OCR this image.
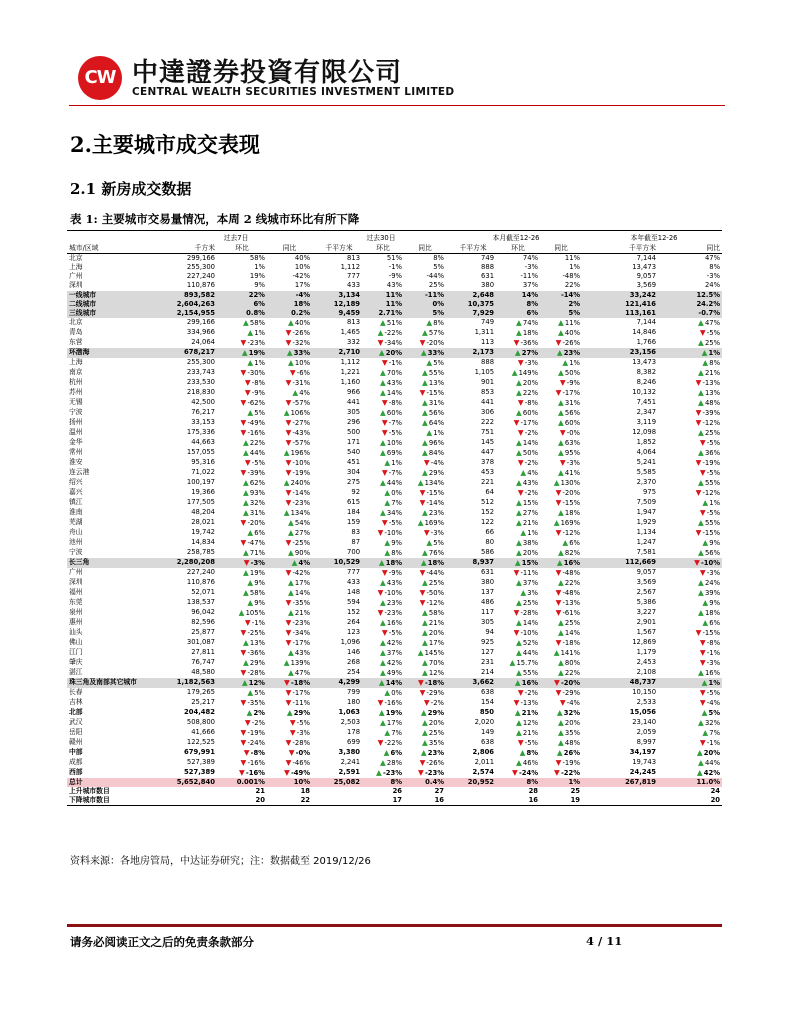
CW 中達證券投資有限公司
CENTRAL WEALTH SECURITIES INVESTMENT LIMITED
2.主要城市成交表现
2.1 新房成交数据
表 1: 主要城市交易量情况，本周 2 线城市环比有所下降
	过去7日				过去30日				本月截至12-26				本年截至12-26	
城市/区域	千方米	环比	同比		千平方米	环比	同比		千平方米	环比	同比		千平方米	同比
北京	299,166	58%	40%		813	51%	8%		749	74%	11%		7,144	47%
上海	255,300	1%	10%		1,112	-1%	5%		888	-3%	1%		13,473	8%
广州	227,240	19%	-42%		777	-9%	-44%		631	-11%	-48%		9,057	-3%
深圳	110,876	9%	17%		433	43%	25%		380	37%	22%		3,569	24%
一线城市	893,582	22%	-4%		3,134	11%	-11%		2,648	14%	-14%		33,242	12.5%
二线城市	2,604,263	6%	18%		12,189	11%	0%		10,375	8%	2%		121,416	24.2%
三线城市	2,154,955	0.8%	0.2%		9,459	2.71%	5%		7,929	6%	5%		113,161	-0.7%
北京	299,166	▲58%	▲40%		813	▲51%	▲8%		749	▲74%	▲11%		7,144	▲47%
青岛	334,966	▲1%	▼-26%		1,465	▲-22%	▲57%		1,311	▲18%	▲40%		14,846	▼-5%
东营	24,064	▼-23%	▼-32%		332	▼-34%	▼-20%		113	▼-36%	▼-26%		1,766	▲25%
环渤海	678,217	▲19%	▲33%		2,710	▲20%	▲33%		2,173	▲27%	▲23%		23,156	▲1%
上海	255,300	▲1%	▲10%		1,112	▼-1%	▲5%		888	▼-3%	▲1%		13,473	▲8%
南京	233,743	▼-30%	▼-6%		1,221	▲70%	▲55%		1,105	▲149%	▲50%		8,382	▲21%
杭州	233,530	▼-8%	▼-31%		1,160	▲43%	▲13%		901	▲20%	▼-9%		8,246	▼-13%
苏州	218,830	▼-9%	▲4%		966	▲14%	▼-15%		853	▲22%	▼-17%		10,132	▲13%
无锡	42,500	▼-62%	▼-57%		441	▼-8%	▲31%		441	▼-8%	▲31%		7,451	▲48%
宁波	76,217	▲5%	▲106%		305	▲60%	▲56%		306	▲60%	▲56%		2,347	▼-39%
扬州	33,153	▼-49%	▼-27%		296	▼-7%	▲64%		222	▼-17%	▲60%		3,119	▼-12%
温州	175,336	▼-16%	▼-43%		500	▼-5%	▲1%		751	▼-2%	▼-0%		12,098	▲25%
金华	44,663	▲22%	▼-57%		171	▲10%	▲96%		145	▲14%	▲63%		1,852	▼-5%
常州	157,055	▲44%	▲196%		540	▲69%	▲84%		447	▲50%	▲95%		4,064	▲36%
淮安	95,316	▼-5%	▼-10%		451	▲1%	▼-4%		378	▼-2%	▼-3%		5,241	▼-19%
连云港	71,022	▼-39%	▼-19%		304	▼-7%	▲29%		453	▲4%	▲41%		5,585	▼-5%
绍兴	100,197	▲62%	▲240%		275	▲44%	▲134%		221	▲43%	▲130%		2,370	▲55%
嘉兴	19,366	▲93%	▼-14%		92	▲0%	▼-15%		64	▼-2%	▼-20%		975	▼-12%
镇江	177,505	▲32%	▼-23%		615	▲7%	▼-14%		512	▲15%	▼-15%		7,509	▲1%
淮南	48,204	▲31%	▲134%		184	▲34%	▲23%		152	▲27%	▲18%		1,947	▼-5%
芜湖	28,021	▼-20%	▲54%		159	▼-5%	▲169%		122	▲21%	▲169%		1,929	▲55%
舟山	19,742	▲6%	▲27%		83	▼-10%	▼-3%		66	▲1%	▼-12%		1,134	▼-15%
池州	14,834	▼-47%	▼-25%		87	▲9%	▲5%		80	▲38%	▲6%		1,247	▲9%
宁波	258,785	▲71%	▲90%		700	▲8%	▲76%		586	▲20%	▲82%		7,581	▲56%
长三角	2,280,208	▼-3%	▲4%		10,529	▲18%	▲18%		8,937	▲15%	▲16%		112,669	▼-10%
广州	227,240	▲19%	▼-42%		777	▼-9%	▼-44%		631	▼-11%	▼-48%		9,057	▼-3%
深圳	110,876	▲9%	▲17%		433	▲43%	▲25%		380	▲37%	▲22%		3,569	▲24%
福州	52,071	▲58%	▲14%		148	▼-10%	▼-50%		137	▲3%	▼-48%		2,567	▲39%
东莞	138,537	▲9%	▼-35%		594	▲23%	▼-12%		486	▲25%	▼-13%		5,386	▲9%
泉州	96,042	▲105%	▲21%		152	▼-23%	▲58%		117	▼-28%	▼-61%		3,227	▲18%
惠州	82,596	▼-1%	▼-23%		264	▲16%	▲21%		305	▲14%	▲25%		2,901	▲6%
汕头	25,877	▼-25%	▼-34%		123	▼-5%	▲20%		94	▼-10%	▲14%		1,567	▼-15%
佛山	301,087	▲13%	▼-17%		1,096	▲42%	▲17%		925	▲52%	▼-18%		12,869	▼-8%
江门	27,811	▼-36%	▲43%		146	▲37%	▲145%		127	▲44%	▲141%		1,179	▼-1%
肇庆	76,747	▲29%	▲139%		268	▲42%	▲70%		231	▲15.7%	▲80%		2,453	▼-3%
湛江	48,580	▼-28%	▲47%		254	▲49%	▲12%		214	▲55%	▲22%		2,108	▲16%
珠三角及南部其它城市	1,182,563	▲12%	▼-18%		4,299	▲14%	▼-18%		3,662	▲16%	▼-20%		48,737	▲1%
长春	179,265	▲5%	▼-17%		799	▲0%	▼-29%		638	▼-2%	▼-29%		10,150	▼-5%
吉林	25,217	▼-35%	▼-11%		180	▼-16%	▼-2%		154	▼-13%	▼-4%		2,533	▼-4%
北部	204,482	▲2%	▲29%		1,063	▲19%	▲29%		850	▲21%	▲32%		15,056	▲5%
武汉	508,800	▼-2%	▼-5%		2,503	▲17%	▲20%		2,020	▲12%	▲20%		23,140	▲32%
岳阳	41,666	▼-19%	▼-3%		178	▲7%	▲25%		149	▲21%	▲35%		2,059	▲7%
赣州	122,525	▼-24%	▼-28%		699	▼-22%	▲35%		638	▼-5%	▲48%		8,997	▼-1%
中部	679,991	▼-8%	▼-0%		3,380	▲6%	▲23%		2,806	▲8%	▲26%		34,197	▲20%
成都	527,389	▼-16%	▼-46%		2,241	▲28%	▼-26%		2,011	▲46%	▼-19%		19,743	▲44%
西部	527,389	▼-16%	▼-49%		2,591	▲-23%	▼-23%		2,574	▼-24%	▼-22%		24,245	▲42%
总计	5,652,840	0.001%	10%		25,082	8%	0.4%		20,952	8%	1%		267,819	11.0%
上升城市数目		21	18			26	27			28	25			24
下降城市数目		20	22			17	16			16	19			20
资料来源：各地房管局，中达证券研究；注：数据截至 2019/12/26
请务必阅读正文之后的免责条款部分	4 / 11
